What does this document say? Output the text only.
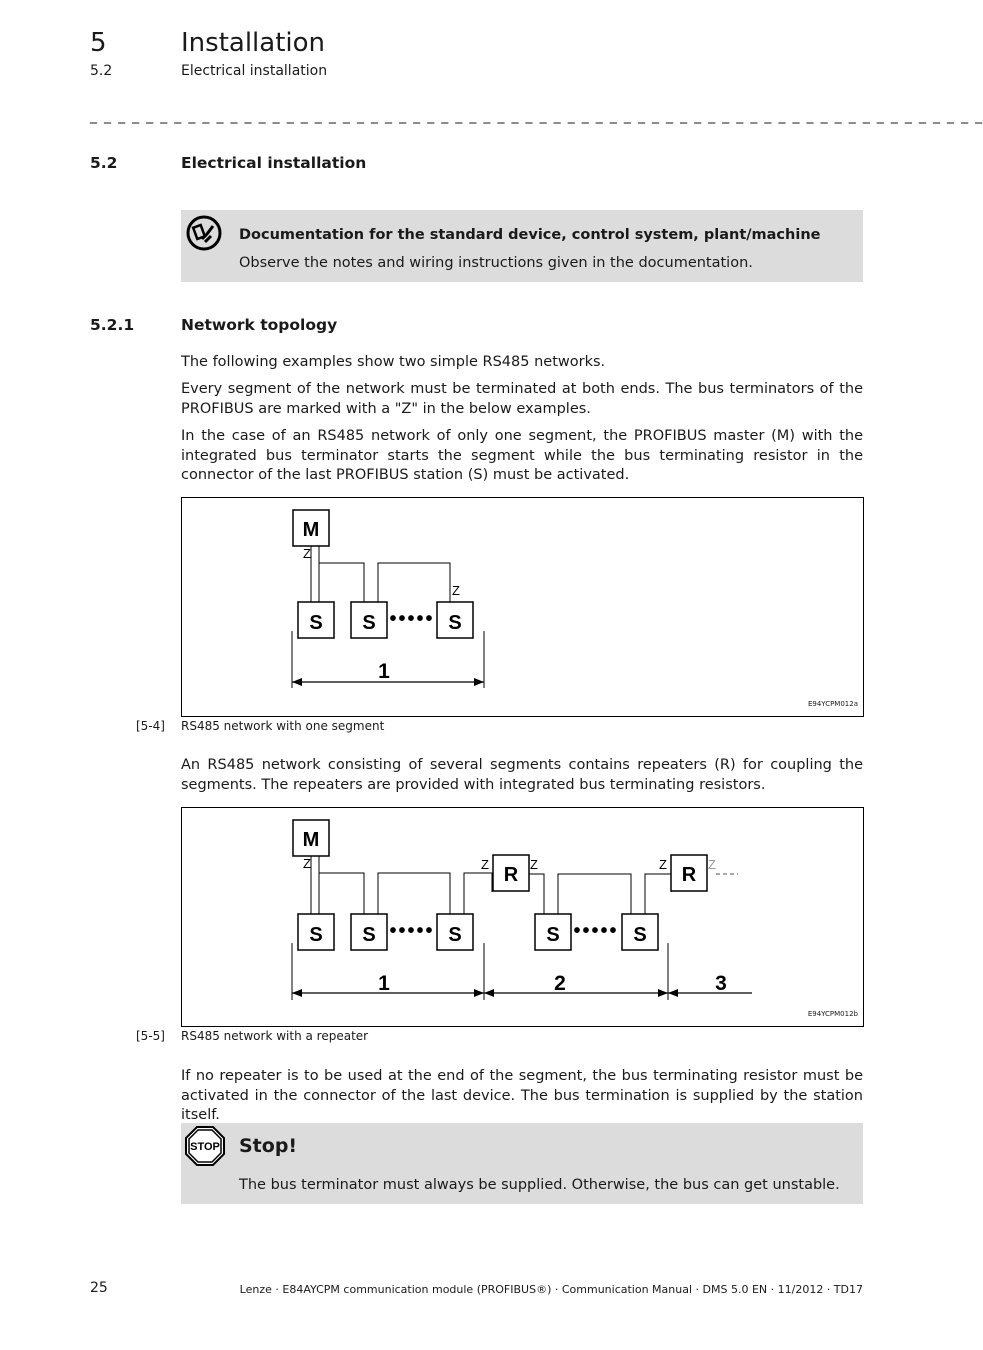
5	Installation
5.2	Electrical installation
_ _ _ _ _ _ _ _ _ _ _ _ _ _ _ _ _ _ _ _ _ _ _ _ _ _ _ _ _ _ _ _ _ _ _ _ _ _ _ _ _ _ _ _ _ _ _ _ _ _ _ _ _ _ _ _ _ _ _ _ _ _ _ _
5.2	Electrical installation
Documentation for the standard device, control system, plant/machine
Observe the notes and wiring instructions given in the documentation.
5.2.1	Network topology
The following examples show two simple RS485 networks.
Every segment of the network must be terminated at both ends. The bus terminators of the PROFIBUS are marked with a "Z" in the below examples.
In the case of an RS485 network of only one segment, the PROFIBUS master (M) with the integrated bus terminator starts the segment while the bus terminating resistor in the connector of the last PROFIBUS station (S) must be activated.
M
Z
Z
S S ••••• S
1
E94YCPM012a
[5-4] RS485 network with one segment
An RS485 network consisting of several segments contains repeaters (R) for coupling the segments. The repeaters are provided with integrated bus terminating resistors.
M
Z	Z R Z	Z R Z
S S ••••• S	S ••••• S
1	2	3
E94YCPM012b
[5-5] RS485 network with a repeater
If no repeater is to be used at the end of the segment, the bus terminating resistor must be activated in the connector of the last device. The bus termination is supplied by the station itself.
STOP Stop!
The bus terminator must always be supplied. Otherwise, the bus can get unstable.
25	Lenze · E84AYCPM communication module (PROFIBUS®) · Communication Manual · DMS 5.0 EN · 11/2012 · TD17
